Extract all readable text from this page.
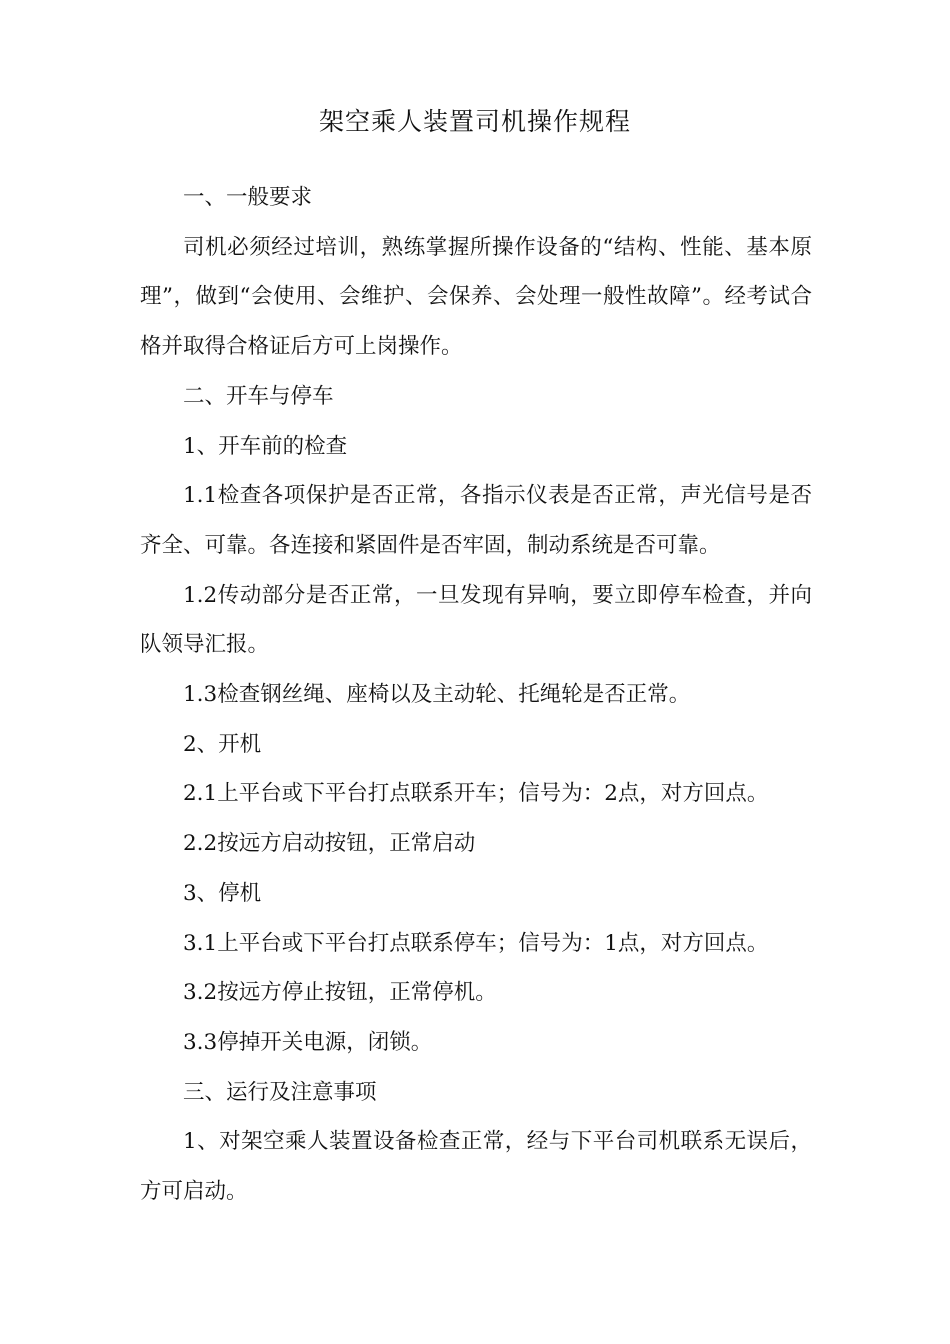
架空乘人装置司机操作规程

一、一般要求

司机必须经过培训，熟练掌握所操作设备的“结构、性能、基本原理”，做到“会使用、会维护、会保养、会处理一般性故障”。经考试合格并取得合格证后方可上岗操作。

二、开车与停车

1、开车前的检查

1.1检查各项保护是否正常，各指示仪表是否正常，声光信号是否齐全、可靠。各连接和紧固件是否牢固，制动系统是否可靠。

1.2传动部分是否正常，一旦发现有异响，要立即停车检查，并向队领导汇报。

1.3检查钢丝绳、座椅以及主动轮、托绳轮是否正常。

2、开机

2.1上平台或下平台打点联系开车；信号为：2点，对方回点。

2.2按远方启动按钮，正常启动

3、停机

3.1上平台或下平台打点联系停车；信号为：1点，对方回点。

3.2按远方停止按钮，正常停机。

3.3停掉开关电源，闭锁。

三、运行及注意事项

1、对架空乘人装置设备检查正常，经与下平台司机联系无误后，方可启动。
